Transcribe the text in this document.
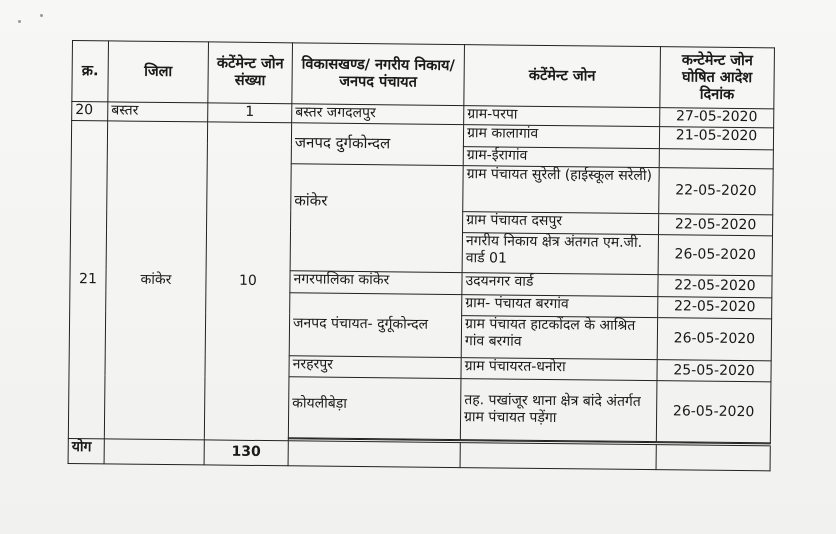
क्र.	जिला	कंटेंमेन्ट जोन संख्या	विकासखण्ड/ नगरीय निकाय/ जनपद पंचायत	कंटेंमेन्ट जोन	कन्टेमेन्ट जोन घोषित आदेश दिनांक
20	बस्तर	1	बस्तर जगदलपुर	ग्राम-परपा	27-05-2020
21	कांकेर	10	जनपद दुर्गकोन्दल	ग्राम कालागांव	21-05-2020
				ग्राम-ईरागांव	
			कांकेर	ग्राम पंचायत सुरेली (हाईस्कूल सरेली)	22-05-2020
				ग्राम पंचायत दसपुर	22-05-2020
				नगरीय निकाय क्षेत्र अंतगत एम.जी. वार्ड 01	26-05-2020
			नगरपालिका कांकेर	उदयनगर वार्ड	22-05-2020
			जनपद पंचायत- दुर्गूकोन्दल	ग्राम- पंचायत बरगांव	22-05-2020
				ग्राम पंचायत हाटकोंदल के आश्रित गांव बरगांव	26-05-2020
			नरहरपुर	ग्राम पंचायरत-धनोरा	25-05-2020
			कोयलीबेड़ा	तह. पखांजूर थाना क्षेत्र बांदे अंतर्गत ग्राम पंचायत पड़ेंगा	26-05-2020

योग		130			
